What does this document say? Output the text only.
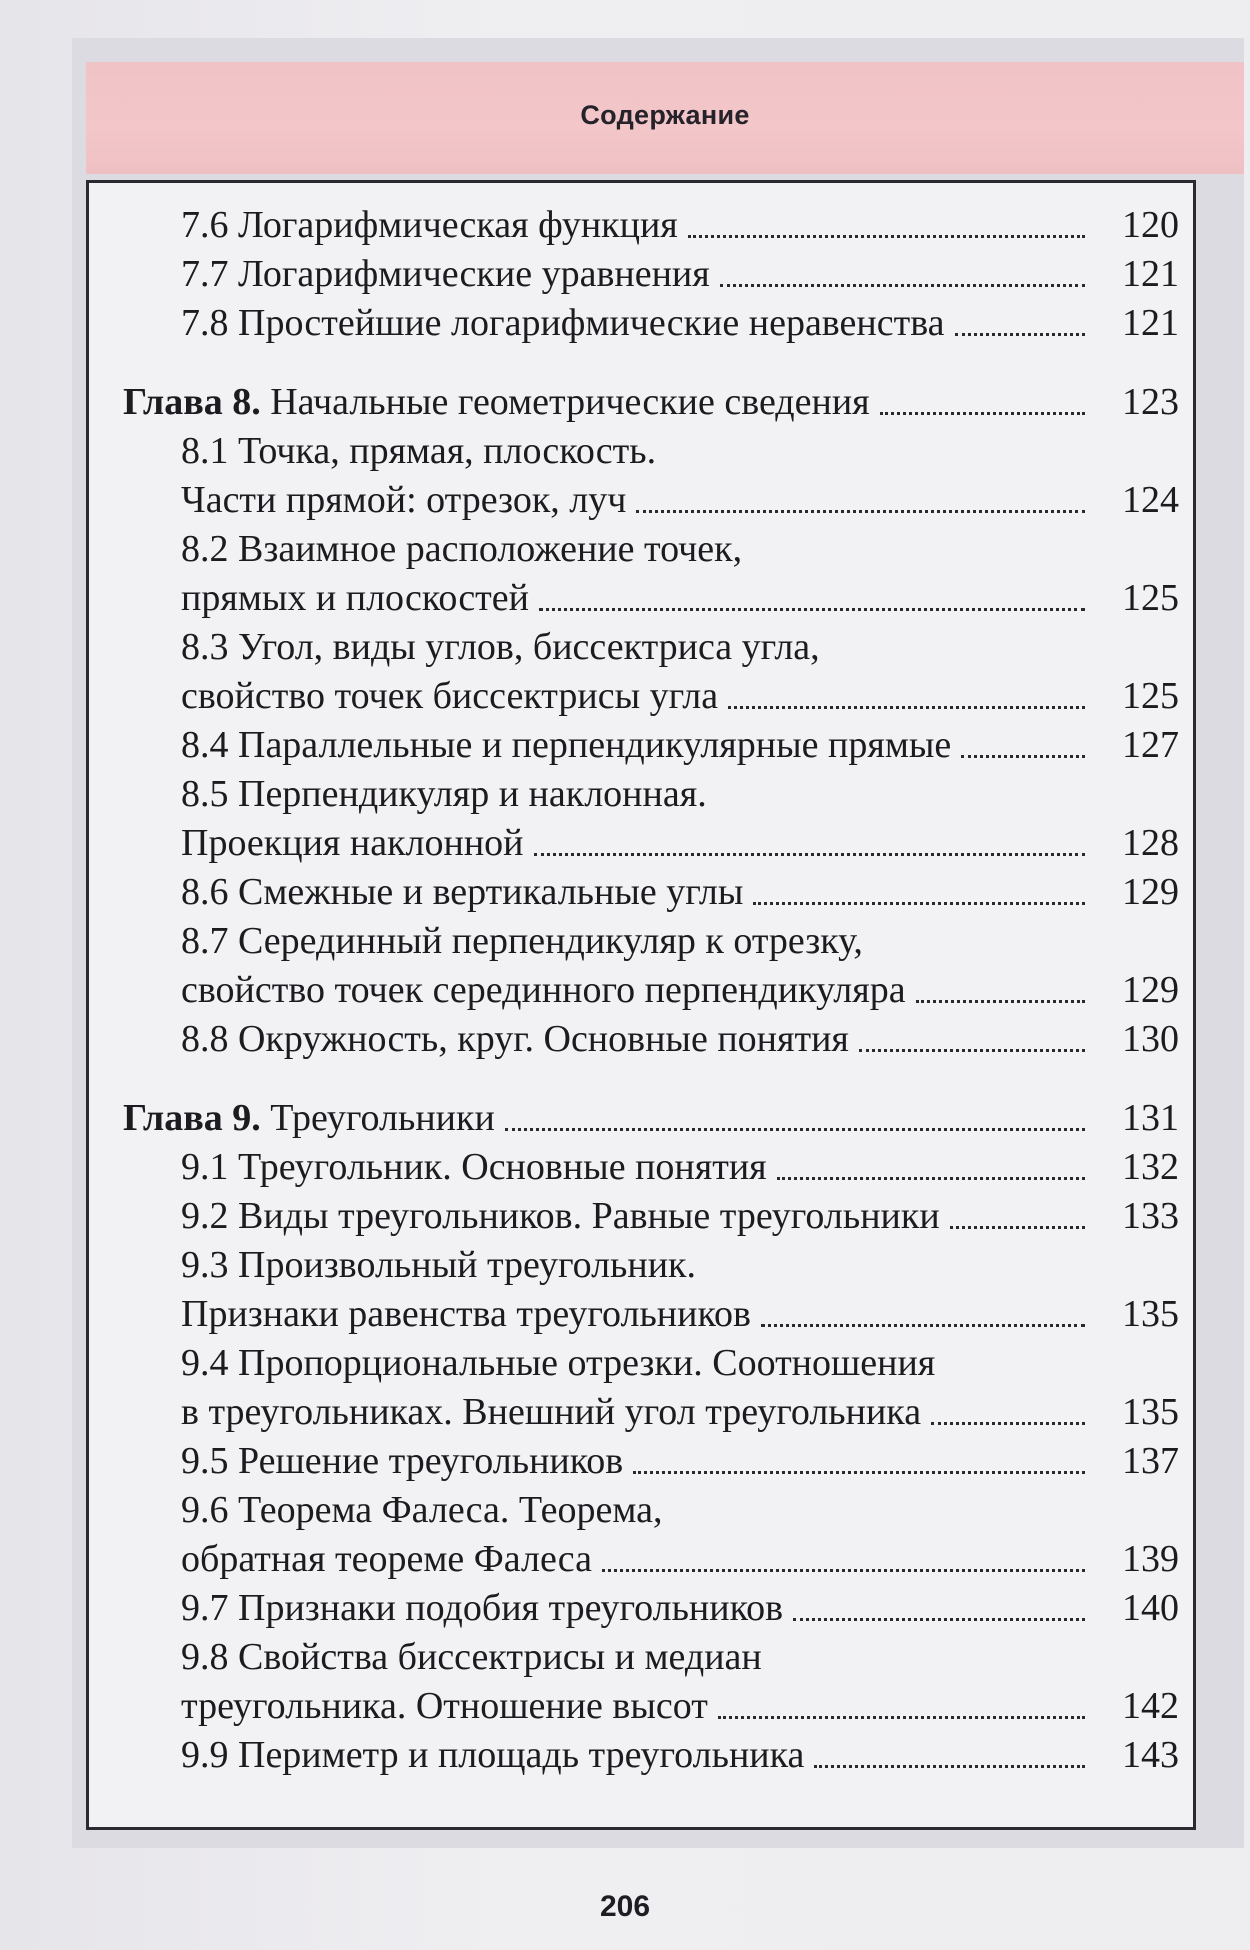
Содержание
7.6 Логарифмическая функция	120
7.7 Логарифмические уравнения	121
7.8 Простейшие логарифмические неравенства	121
Глава 8. Начальные геометрические сведения	123
8.1 Точка, прямая, плоскость.
Части прямой: отрезок, луч	124
8.2 Взаимное расположение точек,
прямых и плоскостей	125
8.3 Угол, виды углов, биссектриса угла,
свойство точек биссектрисы угла	125
8.4 Параллельные и перпендикулярные прямые	127
8.5 Перпендикуляр и наклонная.
Проекция наклонной	128
8.6 Смежные и вертикальные углы	129
8.7 Серединный перпендикуляр к отрезку,
свойство точек серединного перпендикуляра	129
8.8 Окружность, круг. Основные понятия	130
Глава 9. Треугольники	131
9.1 Треугольник. Основные понятия	132
9.2 Виды треугольников. Равные треугольники	133
9.3 Произвольный треугольник.
Признаки равенства треугольников	135
9.4 Пропорциональные отрезки. Соотношения
в треугольниках. Внешний угол треугольника	135
9.5 Решение треугольников	137
9.6 Теорема Фалеса. Теорема,
обратная теореме Фалеса	139
9.7 Признаки подобия треугольников	140
9.8 Свойства биссектрисы и медиан
треугольника. Отношение высот	142
9.9 Периметр и площадь треугольника	143
206
